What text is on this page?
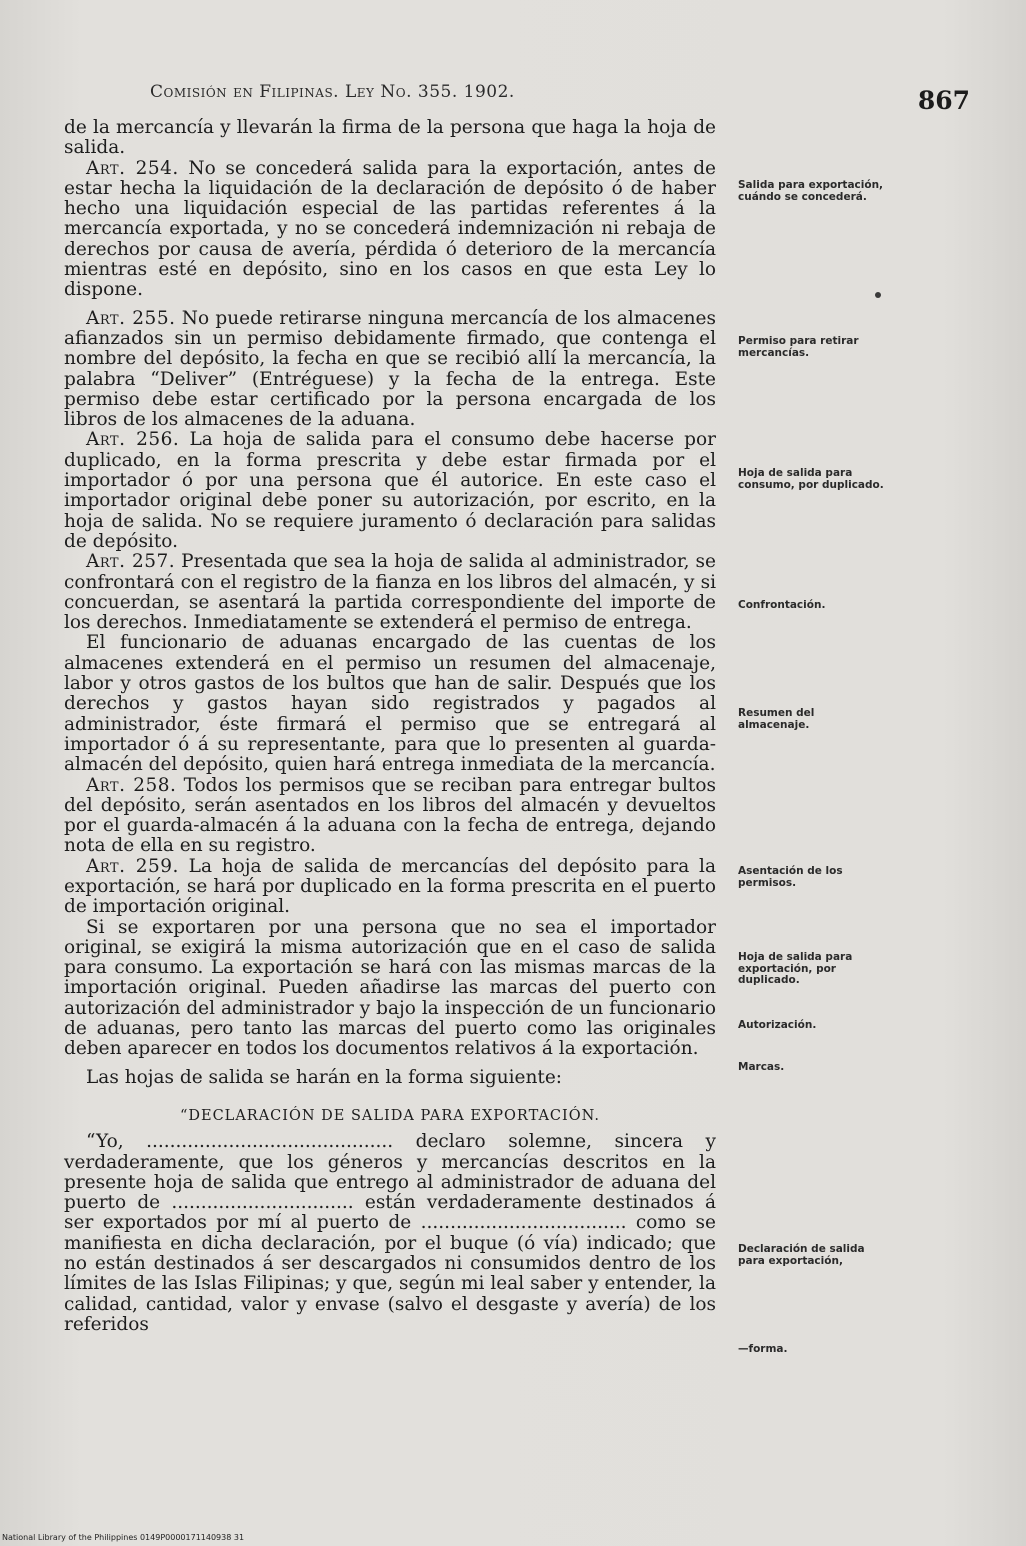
Comisión en Filipinas. Ley No. 355. 1902.	867

de la mercancía y llevarán la firma de la persona que haga la hoja de salida.

Art. 254. No se concederá salida para la exportación, antes de estar hecha la liquidación de la declaración de depósito ó de haber hecho una liquidación especial de las partidas referentes á la mercancía exportada, y no se concederá indemnización ni rebaja de derechos por causa de avería, pérdida ó deterioro de la mercancía mientras esté en depósito, sino en los casos en que esta Ley lo dispone.

Art. 255. No puede retirarse ninguna mercancía de los almacenes afianzados sin un permiso debidamente firmado, que contenga el nombre del depósito, la fecha en que se recibió allí la mercancía, la palabra “Deliver” (Entréguese) y la fecha de la entrega. Este permiso debe estar certificado por la persona encargada de los libros de los almacenes de la aduana.

Art. 256. La hoja de salida para el consumo debe hacerse por duplicado, en la forma prescrita y debe estar firmada por el importador ó por una persona que él autorice. En este caso el importador original debe poner su autorización, por escrito, en la hoja de salida. No se requiere juramento ó declaración para salidas de depósito.

Art. 257. Presentada que sea la hoja de salida al administrador, se confrontará con el registro de la fianza en los libros del almacén, y si concuerdan, se asentará la partida correspondiente del importe de los derechos. Inmediatamente se extenderá el permiso de entrega.

El funcionario de aduanas encargado de las cuentas de los almacenes extenderá en el permiso un resumen del almacenaje, labor y otros gastos de los bultos que han de salir. Después que los derechos y gastos hayan sido registrados y pagados al administrador, éste firmará el permiso que se entregará al importador ó á su representante, para que lo presenten al guarda-almacén del depósito, quien hará entrega inmediata de la mercancía.

Art. 258. Todos los permisos que se reciban para entregar bultos del depósito, serán asentados en los libros del almacén y devueltos por el guarda-almacén á la aduana con la fecha de entrega, dejando nota de ella en su registro.

Art. 259. La hoja de salida de mercancías del depósito para la exportación, se hará por duplicado en la forma prescrita en el puerto de importación original.

Si se exportaren por una persona que no sea el importador original, se exigirá la misma autorización que en el caso de salida para consumo. La exportación se hará con las mismas marcas de la importación original. Pueden añadirse las marcas del puerto con autorización del administrador y bajo la inspección de un funcionario de aduanas, pero tanto las marcas del puerto como las originales deben aparecer en todos los documentos relativos á la exportación.

Las hojas de salida se harán en la forma siguiente:

“DECLARACIÓN DE SALIDA PARA EXPORTACIÓN.

“Yo, .......................................... declaro solemne, sincera y verdaderamente, que los géneros y mercancías descritos en la presente hoja de salida que entrego al administrador de aduana del puerto de ............................... están verdaderamente destinados á ser exportados por mí al puerto de ................................... como se manifiesta en dicha declaración, por el buque (ó vía) indicado; que no están destinados á ser descargados ni consumidos dentro de los límites de las Islas Filipinas; y que, según mi leal saber y entender, la calidad, cantidad, valor y envase (salvo el desgaste y avería) de los referidos

Salida para exportación, cuándo se concederá.
Permiso para retirar mercancías.
Hoja de salida para consumo, por duplicado.
Confrontación.
Resumen del almacenaje.
Asentación de los permisos.
Hoja de salida para exportación, por duplicado.
Autorización.
Marcas.
Declaración de salida para exportación,
—forma.
National Library of the Philippines 0149P0000171140938 31
